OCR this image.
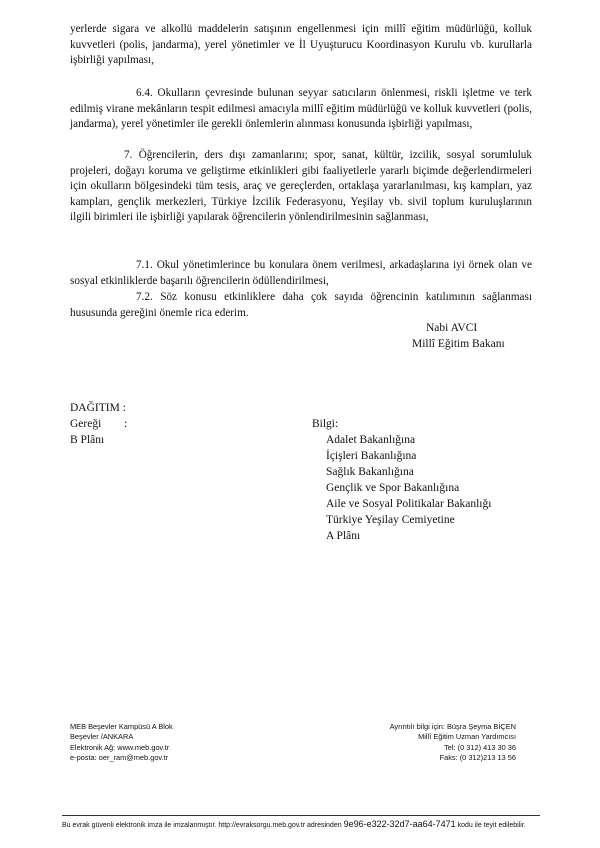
yerlerde sigara ve alkollü maddelerin satışının engellenmesi için millî eğitim müdürlüğü, kolluk kuvvetleri (polis, jandarma), yerel yönetimler ve İl Uyuşturucu Koordinasyon Kurulu vb. kurullarla işbirliği yapılması,

6.4. Okulların çevresinde bulunan seyyar satıcıların önlenmesi, riskli işletme ve terk edilmiş virane mekânların tespit edilmesi amacıyla millî eğitim müdürlüğü ve kolluk kuvvetleri (polis, jandarma), yerel yönetimler ile gerekli önlemlerin alınması konusunda işbirliği yapılması,

7. Öğrencilerin, ders dışı zamanlarını; spor, sanat, kültür, izcilik, sosyal sorumluluk projeleri, doğayı koruma ve geliştirme etkinlikleri gibi faaliyetlerle yararlı biçimde değerlendirmeleri için okulların bölgesindeki tüm tesis, araç ve gereçlerden, ortaklaşa yararlanılması, kış kampları, yaz kampları, gençlik merkezleri, Türkiye İzcilik Federasyonu, Yeşilay vb. sivil toplum kuruluşlarının ilgili birimleri ile işbirliği yapılarak öğrencilerin yönlendirilmesinin sağlanması,

7.1. Okul yönetimlerince bu konulara önem verilmesi, arkadaşlarına iyi örnek olan ve sosyal etkinliklerde başarılı öğrencilerin ödüllendirilmesi,

7.2. Söz konusu etkinliklere daha çok sayıda öğrencinin katılımının sağlanması hususunda gereğini önemle rica ederim.

Nabi AVCI
Millî Eğitim Bakanı
DAĞITIM :
Gereği :
B Plânı
Bilgi:
Adalet Bakanlığına
İçişleri Bakanlığına
Sağlık Bakanlığına
Gençlik ve Spor Bakanlığına
Aile ve Sosyal Politikalar Bakanlığı
Türkiye Yeşilay Cemiyetine
A Plânı
MEB Beşevler Kampüsü A Blok
Beşevler /ANKARA
Elektronik Ağ: www.meb.gov.tr
e-posta: oer_ram@meb.gov.tr
Ayrıntılı bilgi için: Büşra Şeyma BİÇEN
Millî Eğitim Uzman Yardımcısı
Tel: (0 312) 413 30 36
Faks: (0 312)213 13 56
Bu evrak güvenli elektronik imza ile imzalanmıştır. http://evraksorgu.meb.gov.tr adresinden 9e96-e322-32d7-aa64-7471 kodu ile teyit edilebilir.
